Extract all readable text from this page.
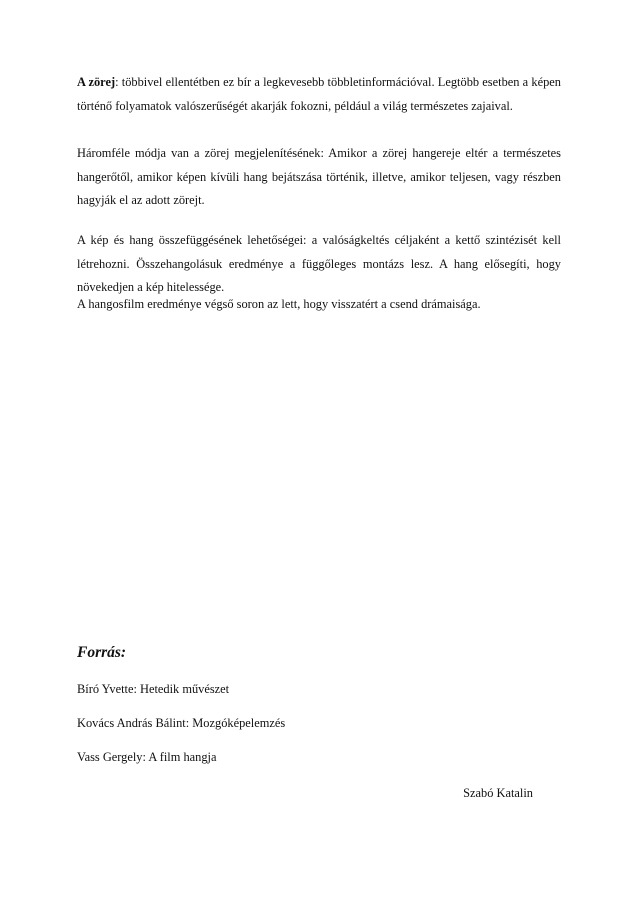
A zörej: többivel ellentétben ez bír a legkevesebb többletinformációval. Legtöbb esetben a képen történő folyamatok valószerűségét akarják fokozni, például a világ természetes zajaival.

Háromféle módja van a zörej megjelenítésének: Amikor a zörej hangereje eltér a természetes hangerőtől, amikor képen kívüli hang bejátszása történik, illetve, amikor teljesen, vagy részben hagyják el az adott zörejt.

A kép és hang összefüggésének lehetőségei: a valóságkeltés céljaként a kettő szintézisét kell létrehozni. Összehangolásuk eredménye a függőleges montázs lesz. A hang elősegíti, hogy növekedjen a kép hitelessége.

A hangosfilm eredménye végső soron az lett, hogy visszatért a csend drámaisága.

Forrás:

Bíró Yvette: Hetedik művészet

Kovács András Bálint: Mozgóképelemzés

Vass Gergely: A film hangja

Szabó Katalin
